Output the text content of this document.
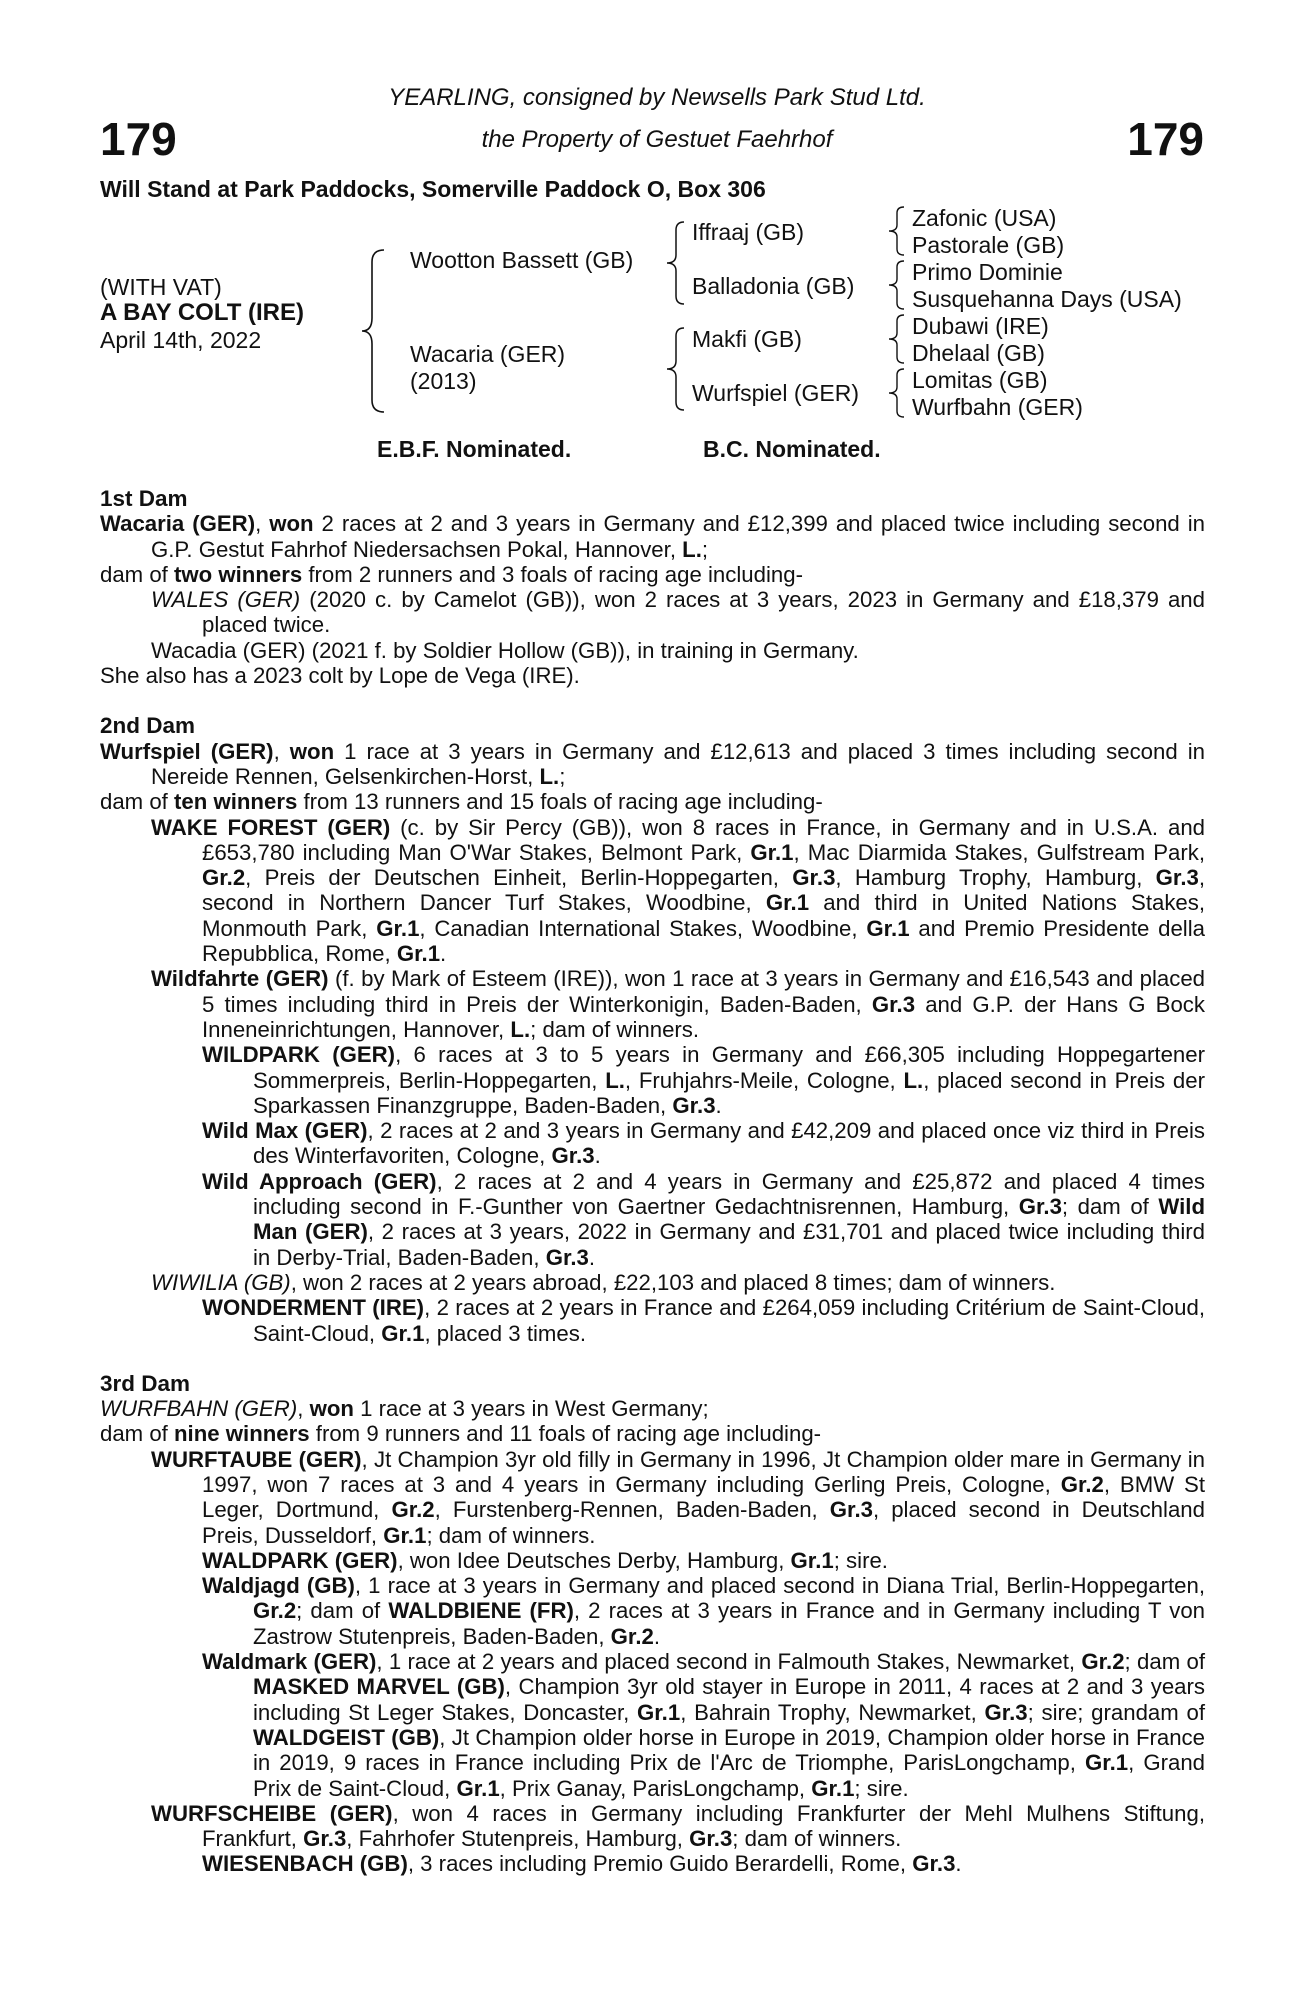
179	179
YEARLING, consigned by Newsells Park Stud Ltd.
the Property of Gestuet Faehrhof
Will Stand at Park Paddocks, Somerville Paddock O, Box 306
(WITH VAT)
A BAY COLT (IRE)
April 14th, 2022
Wootton Bassett (GB)
Wacaria (GER)
(2013)
Iffraaj (GB)
Balladonia (GB)
Makfi (GB)
Wurfspiel (GER)
Zafonic (USA)
Pastorale (GB)
Primo Dominie
Susquehanna Days (USA)
Dubawi (IRE)
Dhelaal (GB)
Lomitas (GB)
Wurfbahn (GER)
E.B.F. Nominated.	B.C. Nominated.
1st Dam
Wacaria (GER), won 2 races at 2 and 3 years in Germany and £12,399 and placed twice including second in G.P. Gestut Fahrhof Niedersachsen Pokal, Hannover, L.;
dam of two winners from 2 runners and 3 foals of racing age including-
WALES (GER) (2020 c. by Camelot (GB)), won 2 races at 3 years, 2023 in Germany and £18,379 and placed twice.
Wacadia (GER) (2021 f. by Soldier Hollow (GB)), in training in Germany.
She also has a 2023 colt by Lope de Vega (IRE).
2nd Dam
Wurfspiel (GER), won 1 race at 3 years in Germany and £12,613 and placed 3 times including second in Nereide Rennen, Gelsenkirchen-Horst, L.;
dam of ten winners from 13 runners and 15 foals of racing age including-
WAKE FOREST (GER) (c. by Sir Percy (GB)), won 8 races in France, in Germany and in U.S.A. and £653,780 including Man O'War Stakes, Belmont Park, Gr.1, Mac Diarmida Stakes, Gulfstream Park, Gr.2, Preis der Deutschen Einheit, Berlin-Hoppegarten, Gr.3, Hamburg Trophy, Hamburg, Gr.3, second in Northern Dancer Turf Stakes, Woodbine, Gr.1 and third in United Nations Stakes, Monmouth Park, Gr.1, Canadian International Stakes, Woodbine, Gr.1 and Premio Presidente della Repubblica, Rome, Gr.1.
Wildfahrte (GER) (f. by Mark of Esteem (IRE)), won 1 race at 3 years in Germany and £16,543 and placed 5 times including third in Preis der Winterkonigin, Baden-Baden, Gr.3 and G.P. der Hans G Bock Inneneinrichtungen, Hannover, L.; dam of winners.
WILDPARK (GER), 6 races at 3 to 5 years in Germany and £66,305 including Hoppegartener Sommerpreis, Berlin-Hoppegarten, L., Fruhjahrs-Meile, Cologne, L., placed second in Preis der Sparkassen Finanzgruppe, Baden-Baden, Gr.3.
Wild Max (GER), 2 races at 2 and 3 years in Germany and £42,209 and placed once viz third in Preis des Winterfavoriten, Cologne, Gr.3.
Wild Approach (GER), 2 races at 2 and 4 years in Germany and £25,872 and placed 4 times including second in F.-Gunther von Gaertner Gedachtnisrennen, Hamburg, Gr.3; dam of Wild Man (GER), 2 races at 3 years, 2022 in Germany and £31,701 and placed twice including third in Derby-Trial, Baden-Baden, Gr.3.
WIWILIA (GB), won 2 races at 2 years abroad, £22,103 and placed 8 times; dam of winners.
WONDERMENT (IRE), 2 races at 2 years in France and £264,059 including Critérium de Saint-Cloud, Saint-Cloud, Gr.1, placed 3 times.
3rd Dam
WURFBAHN (GER), won 1 race at 3 years in West Germany;
dam of nine winners from 9 runners and 11 foals of racing age including-
WURFTAUBE (GER), Jt Champion 3yr old filly in Germany in 1996, Jt Champion older mare in Germany in 1997, won 7 races at 3 and 4 years in Germany including Gerling Preis, Cologne, Gr.2, BMW St Leger, Dortmund, Gr.2, Furstenberg-Rennen, Baden-Baden, Gr.3, placed second in Deutschland Preis, Dusseldorf, Gr.1; dam of winners.
WALDPARK (GER), won Idee Deutsches Derby, Hamburg, Gr.1; sire.
Waldjagd (GB), 1 race at 3 years in Germany and placed second in Diana Trial, Berlin-Hoppegarten, Gr.2; dam of WALDBIENE (FR), 2 races at 3 years in France and in Germany including T von Zastrow Stutenpreis, Baden-Baden, Gr.2.
Waldmark (GER), 1 race at 2 years and placed second in Falmouth Stakes, Newmarket, Gr.2; dam of MASKED MARVEL (GB), Champion 3yr old stayer in Europe in 2011, 4 races at 2 and 3 years including St Leger Stakes, Doncaster, Gr.1, Bahrain Trophy, Newmarket, Gr.3; sire; grandam of WALDGEIST (GB), Jt Champion older horse in Europe in 2019, Champion older horse in France in 2019, 9 races in France including Prix de l'Arc de Triomphe, ParisLongchamp, Gr.1, Grand Prix de Saint-Cloud, Gr.1, Prix Ganay, ParisLongchamp, Gr.1; sire.
WURFSCHEIBE (GER), won 4 races in Germany including Frankfurter der Mehl Mulhens Stiftung, Frankfurt, Gr.3, Fahrhofer Stutenpreis, Hamburg, Gr.3; dam of winners.
WIESENBACH (GB), 3 races including Premio Guido Berardelli, Rome, Gr.3.
